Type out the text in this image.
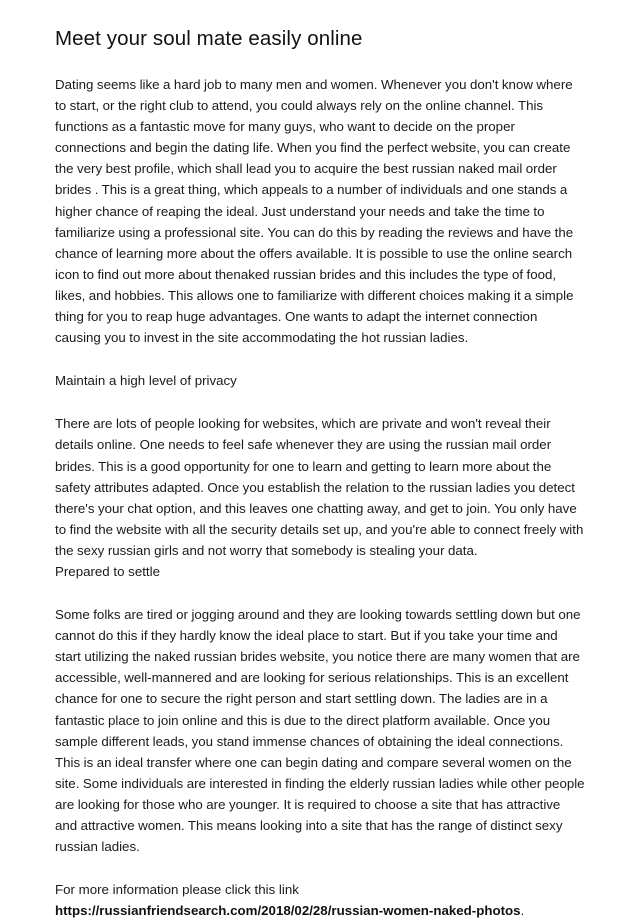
Meet your soul mate easily online

Dating seems like a hard job to many men and women. Whenever you don't know where to start, or the right club to attend, you could always rely on the online channel. This functions as a fantastic move for many guys, who want to decide on the proper connections and begin the dating life. When you find the perfect website, you can create the very best profile, which shall lead you to acquire the best russian naked mail order brides . This is a great thing, which appeals to a number of individuals and one stands a higher chance of reaping the ideal. Just understand your needs and take the time to familiarize using a professional site. You can do this by reading the reviews and have the chance of learning more about the offers available. It is possible to use the online search icon to find out more about thenaked russian brides and this includes the type of food, likes, and hobbies. This allows one to familiarize with different choices making it a simple thing for you to reap huge advantages. One wants to adapt the internet connection causing you to invest in the site accommodating the hot russian ladies.

Maintain a high level of privacy

There are lots of people looking for websites, which are private and won't reveal their details online. One needs to feel safe whenever they are using the russian mail order brides. This is a good opportunity for one to learn and getting to learn more about the safety attributes adapted. Once you establish the relation to the russian ladies you detect there's your chat option, and this leaves one chatting away, and get to join. You only have to find the website with all the security details set up, and you're able to connect freely with the sexy russian girls and not worry that somebody is stealing your data.

Prepared to settle

Some folks are tired or jogging around and they are looking towards settling down but one cannot do this if they hardly know the ideal place to start. But if you take your time and start utilizing the naked russian brides website, you notice there are many women that are accessible, well-mannered and are looking for serious relationships. This is an excellent chance for one to secure the right person and start settling down. The ladies are in a fantastic place to join online and this is due to the direct platform available. Once you sample different leads, you stand immense chances of obtaining the ideal connections. This is an ideal transfer where one can begin dating and compare several women on the site. Some individuals are interested in finding the elderly russian ladies while other people are looking for those who are younger. It is required to choose a site that has attractive and attractive women. This means looking into a site that has the range of distinct sexy russian ladies.

For more information please click this link

https://russianfriendsearch.com/2018/02/28/russian-women-naked-photos.
